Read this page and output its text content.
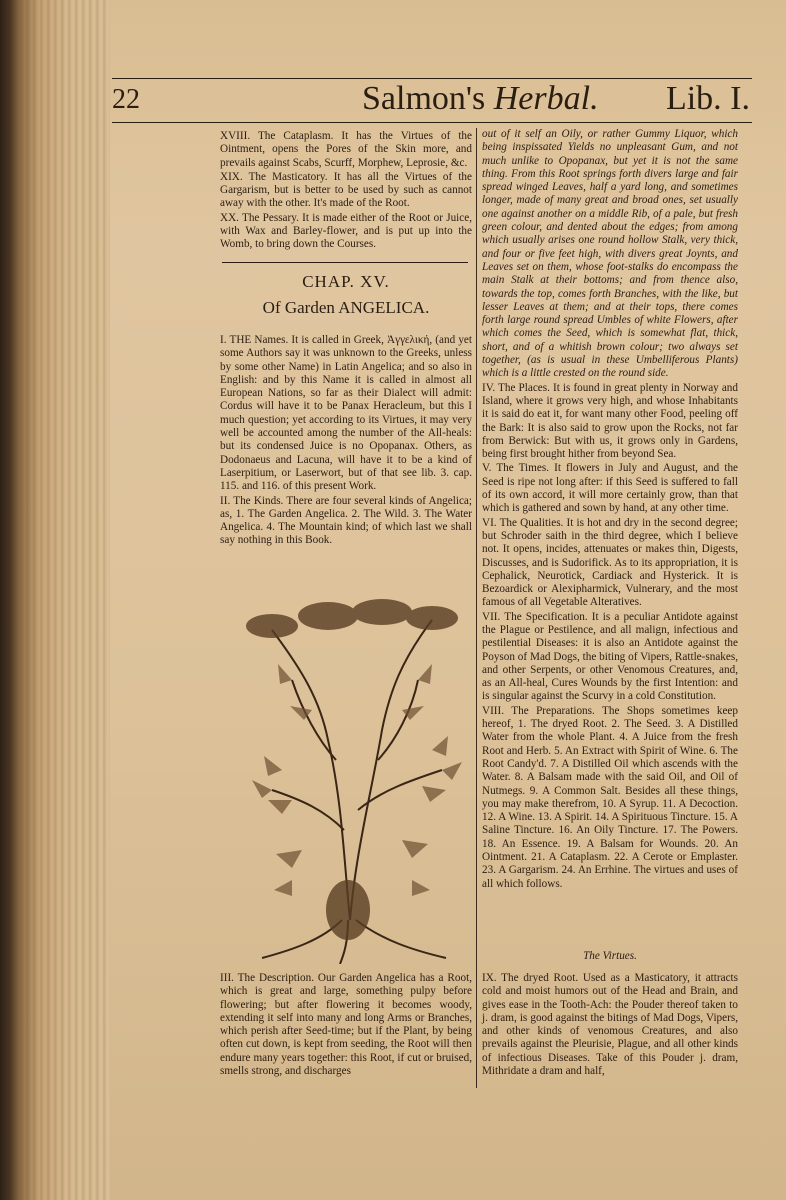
22	Salmon's Herbal. Lib. I.

XVIII. The Cataplasm. It has the Virtues of the Ointment, opens the Pores of the Skin more, and prevails against Scabs, Scurff, Morphew, Leprosie, &c.

XIX. The Masticatory. It has all the Virtues of the Gargarism, but is better to be used by such as cannot away with the other. It's made of the Root.

XX. The Pessary. It is made either of the Root or Juice, with Wax and Barley-flower, and is put up into the Womb, to bring down the Courses.

CHAP. XV.
Of Garden ANGELICA.

I. THE Names. It is called in Greek, Ἀγγελική, (and yet some Authors say it was unknown to the Greeks, unless by some other Name) in Latin Angelica; and so also in English: and by this Name it is called in almost all European Nations, so far as their Dialect will admit: Cordus will have it to be Panax Heracleum, but this I much question; yet according to its Virtues, it may very well be accounted among the number of the All-heals: but its condensed Juice is no Opopanax. Others, as Dodonaeus and Lacuna, will have it to be a kind of Laserpitium, or Laserwort, but of that see lib. 3. cap. 115. and 116. of this present Work.

II. The Kinds. There are four several kinds of Angelica; as, 1. The Garden Angelica. 2. The Wild. 3. The Water Angelica. 4. The Mountain kind; of which last we shall say nothing in this Book.

III. The Description. Our Garden Angelica has a Root, which is great and large, something pulpy before flowering; but after flowering it becomes woody, extending it self into many and long Arms or Branches, which perish after Seed-time; but if the Plant, by being often cut down, is kept from seeding, the Root will then endure many years together: this Root, if cut or bruised, smells strong, and discharges

out of it self an Oily, or rather Gummy Liquor, which being inspissated Yields no unpleasant Gum, and not much unlike to Opopanax, but yet it is not the same thing. From this Root springs forth divers large and fair spread winged Leaves, half a yard long, and sometimes longer, made of many great and broad ones, set usually one against another on a middle Rib, of a pale, but fresh green colour, and dented about the edges; from among which usually arises one round hollow Stalk, very thick, and four or five feet high, with divers great Joynts, and Leaves set on them, whose foot-stalks do encompass the main Stalk at their bottoms; and from thence also, towards the top, comes forth Branches, with the like, but lesser Leaves at them; and at their tops, there comes forth large round spread Umbles of white Flowers, after which comes the Seed, which is somewhat flat, thick, short, and of a whitish brown colour; two always set together, (as is usual in these Umbelliferous Plants) which is a little crested on the round side.

IV. The Places. It is found in great plenty in Norway and Island, where it grows very high, and whose Inhabitants it is said do eat it, for want many other Food, peeling off the Bark: It is also said to grow upon the Rocks, not far from Berwick: But with us, it grows only in Gardens, being first brought hither from beyond Sea.

V. The Times. It flowers in July and August, and the Seed is ripe not long after: if this Seed is suffered to fall of its own accord, it will more certainly grow, than that which is gathered and sown by hand, at any other time.

VI. The Qualities. It is hot and dry in the second degree; but Schroder saith in the third degree, which I believe not. It opens, incides, attenuates or makes thin, Digests, Discusses, and is Sudorifick. As to its appropriation, it is Cephalick, Neurotick, Cardiack and Hysterick. It is Bezoardick or Alexipharmick, Vulnerary, and the most famous of all Vegetable Alteratives.

VII. The Specification. It is a peculiar Antidote against the Plague or Pestilence, and all malign, infectious and pestilential Diseases: it is also an Antidote against the Poyson of Mad Dogs, the biting of Vipers, Rattle-snakes, and other Serpents, or other Venomous Creatures, and, as an All-heal, Cures Wounds by the first Intention: and is singular against the Scurvy in a cold Constitution.

VIII. The Preparations. The Shops sometimes keep hereof, 1. The dryed Root. 2. The Seed. 3. A Distilled Water from the whole Plant. 4. A Juice from the fresh Root and Herb. 5. An Extract with Spirit of Wine. 6. The Root Candy'd. 7. A Distilled Oil which ascends with the Water. 8. A Balsam made with the said Oil, and Oil of Nutmegs. 9. A Common Salt. Besides all these things, you may make therefrom, 10. A Syrup. 11. A Decoction. 12. A Wine. 13. A Spirit. 14. A Spirituous Tincture. 15. A Saline Tincture. 16. An Oily Tincture. 17. The Powers. 18. An Essence. 19. A Balsam for Wounds. 20. An Ointment. 21. A Cataplasm. 22. A Cerote or Emplaster. 23. A Gargarism. 24. An Errhine. The virtues and uses of all which follows.

The Virtues.

IX. The dryed Root. Used as a Masticatory, it attracts cold and moist humors out of the Head and Brain, and gives ease in the Tooth-Ach: the Pouder thereof taken to j. dram, is good against the bitings of Mad Dogs, Vipers, and other kinds of venomous Creatures, and also prevails against the Pleurisie, Plague, and all other kinds of infectious Diseases. Take of this Pouder j. dram, Mithridate a dram and half,
